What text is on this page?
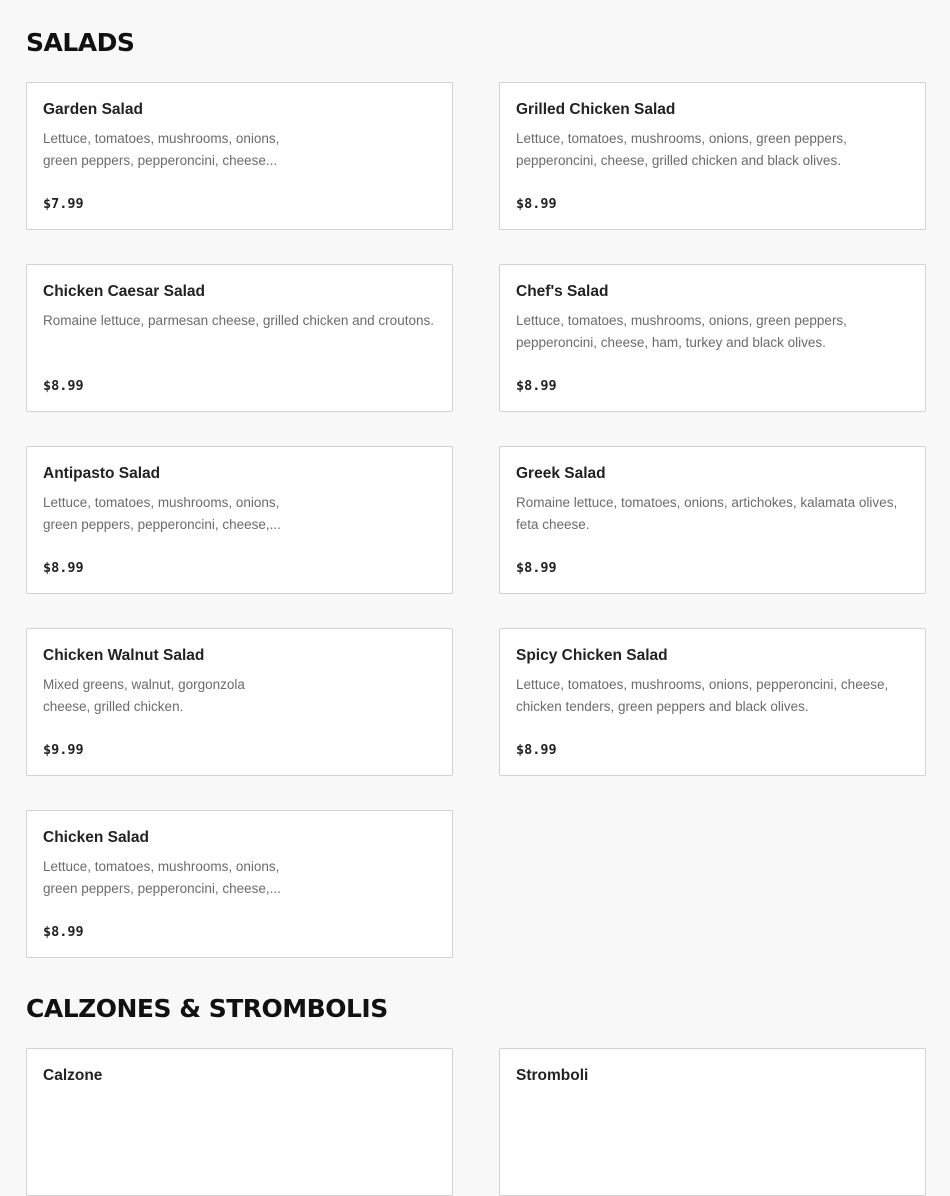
SALADS

Garden Salad

Lettuce, tomatoes, mushrooms, onions, green peppers, pepperoncini, cheese...

$7.99

Grilled Chicken Salad

Lettuce, tomatoes, mushrooms, onions, green peppers, pepperoncini, cheese, grilled chicken and black olives.

$8.99

Chicken Caesar Salad

Romaine lettuce, parmesan cheese, grilled chicken and croutons.

$8.99

Chef's Salad

Lettuce, tomatoes, mushrooms, onions, green peppers, pepperoncini, cheese, ham, turkey and black olives.

$8.99

Antipasto Salad

Lettuce, tomatoes, mushrooms, onions, green peppers, pepperoncini, cheese,...

$8.99

Greek Salad

Romaine lettuce, tomatoes, onions, artichokes, kalamata olives, feta cheese.

$8.99

Chicken Walnut Salad

Mixed greens, walnut, gorgonzola cheese, grilled chicken.

$9.99

Spicy Chicken Salad

Lettuce, tomatoes, mushrooms, onions, pepperoncini, cheese, chicken tenders, green peppers and black olives.

$8.99

Chicken Salad

Lettuce, tomatoes, mushrooms, onions, green peppers, pepperoncini, cheese,...

$8.99

CALZONES & STROMBOLIS

Calzone	Stromboli
